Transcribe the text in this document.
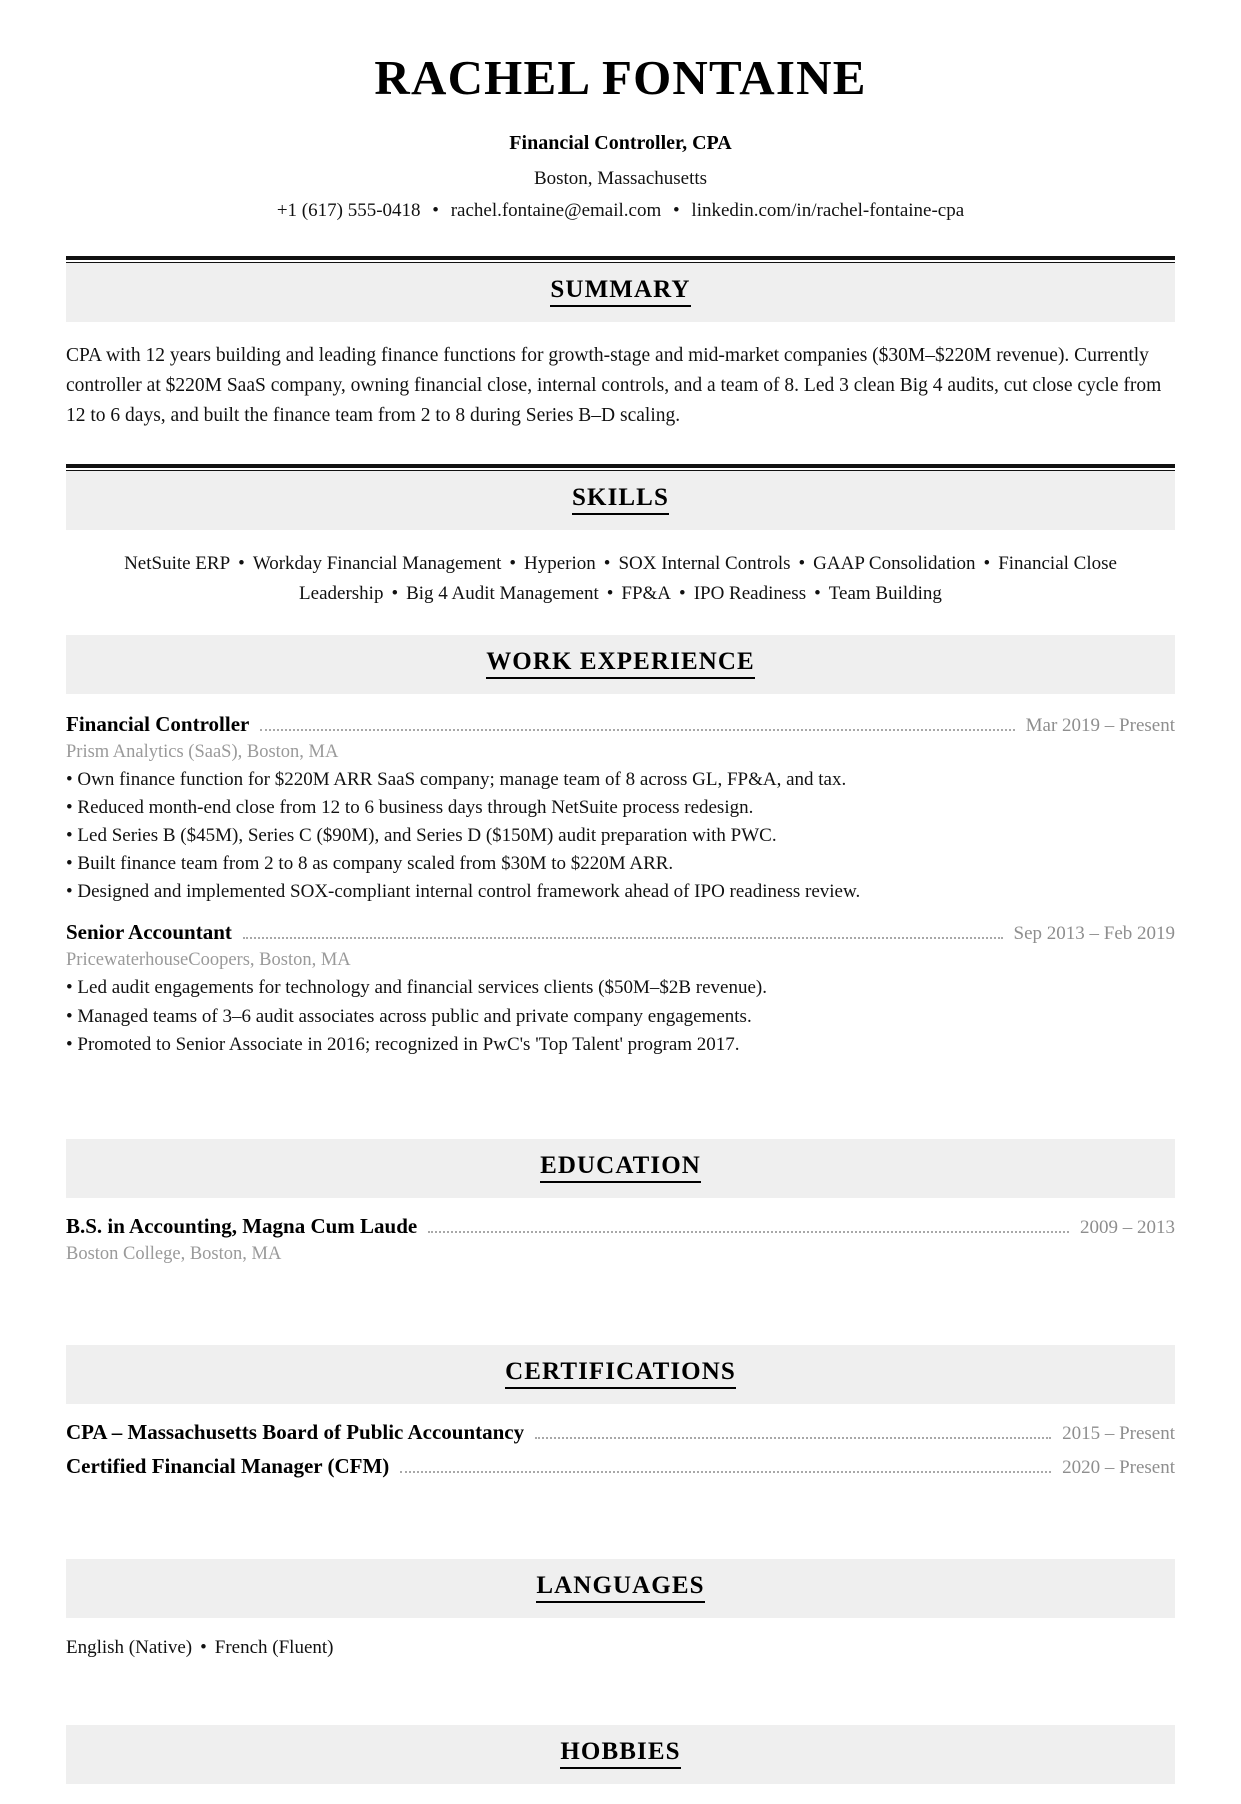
RACHEL FONTAINE
Financial Controller, CPA
Boston, Massachusetts
+1 (617) 555-0418 • rachel.fontaine@email.com • linkedin.com/in/rachel-fontaine-cpa
SUMMARY
CPA with 12 years building and leading finance functions for growth-stage and mid-market companies ($30M–$220M revenue). Currently controller at $220M SaaS company, owning financial close, internal controls, and a team of 8. Led 3 clean Big 4 audits, cut close cycle from 12 to 6 days, and built the finance team from 2 to 8 during Series B–D scaling.
SKILLS
NetSuite ERP • Workday Financial Management • Hyperion • SOX Internal Controls • GAAP Consolidation • Financial Close Leadership • Big 4 Audit Management • FP&A • IPO Readiness • Team Building
WORK EXPERIENCE
Financial Controller	Mar 2019 – Present
Prism Analytics (SaaS), Boston, MA
• Own finance function for $220M ARR SaaS company; manage team of 8 across GL, FP&A, and tax.
• Reduced month-end close from 12 to 6 business days through NetSuite process redesign.
• Led Series B ($45M), Series C ($90M), and Series D ($150M) audit preparation with PWC.
• Built finance team from 2 to 8 as company scaled from $30M to $220M ARR.
• Designed and implemented SOX-compliant internal control framework ahead of IPO readiness review.
Senior Accountant	Sep 2013 – Feb 2019
PricewaterhouseCoopers, Boston, MA
• Led audit engagements for technology and financial services clients ($50M–$2B revenue).
• Managed teams of 3–6 audit associates across public and private company engagements.
• Promoted to Senior Associate in 2016; recognized in PwC's 'Top Talent' program 2017.
EDUCATION
B.S. in Accounting, Magna Cum Laude	2009 – 2013
Boston College, Boston, MA
CERTIFICATIONS
CPA – Massachusetts Board of Public Accountancy	2015 – Present
Certified Financial Manager (CFM)	2020 – Present
LANGUAGES
English (Native) • French (Fluent)
HOBBIES
